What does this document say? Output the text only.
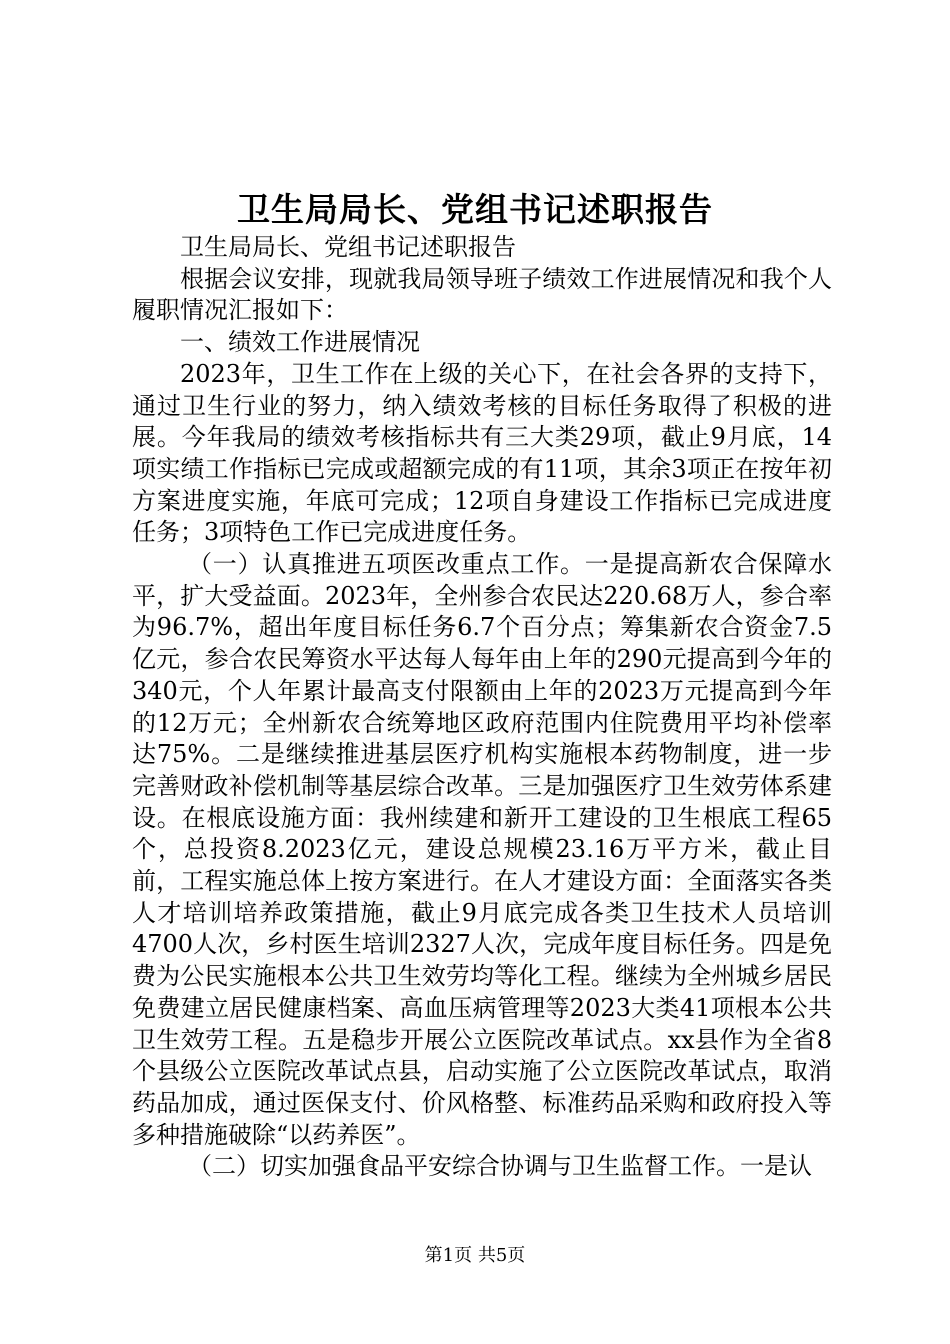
卫生局局长、党组书记述职报告

卫生局局长、党组书记述职报告

根据会议安排，现就我局领导班子绩效工作进展情况和我个人履职情况汇报如下：

一、绩效工作进展情况

2023年，卫生工作在上级的关心下，在社会各界的支持下，通过卫生行业的努力，纳入绩效考核的目标任务取得了积极的进展。今年我局的绩效考核指标共有三大类29项，截止9月底，14项实绩工作指标已完成或超额完成的有11项，其余3项正在按年初方案进度实施，年底可完成；12项自身建设工作指标已完成进度任务；3项特色工作已完成进度任务。

（一）认真推进五项医改重点工作。一是提高新农合保障水平，扩大受益面。2023年，全州参合农民达220.68万人，参合率为96.7%，超出年度目标任务6.7个百分点；筹集新农合资金7.5亿元，参合农民筹资水平达每人每年由上年的290元提高到今年的340元，个人年累计最高支付限额由上年的2023万元提高到今年的12万元；全州新农合统筹地区政府范围内住院费用平均补偿率达75%。二是继续推进基层医疗机构实施根本药物制度，进一步完善财政补偿机制等基层综合改革。三是加强医疗卫生效劳体系建设。在根底设施方面：我州续建和新开工建设的卫生根底工程65个，总投资8.2023亿元，建设总规模23.16万平方米，截止目前，工程实施总体上按方案进行。在人才建设方面：全面落实各类人才培训培养政策措施，截止9月底完成各类卫生技术人员培训4700人次，乡村医生培训2327人次，完成年度目标任务。四是免费为公民实施根本公共卫生效劳均等化工程。继续为全州城乡居民免费建立居民健康档案、高血压病管理等2023大类41项根本公共卫生效劳工程。五是稳步开展公立医院改革试点。xx县作为全省8个县级公立医院改革试点县，启动实施了公立医院改革试点，取消药品加成，通过医保支付、价风格整、标准药品采购和政府投入等多种措施破除“以药养医”。

（二）切实加强食品平安综合协调与卫生监督工作。一是认

第1页 共5页
